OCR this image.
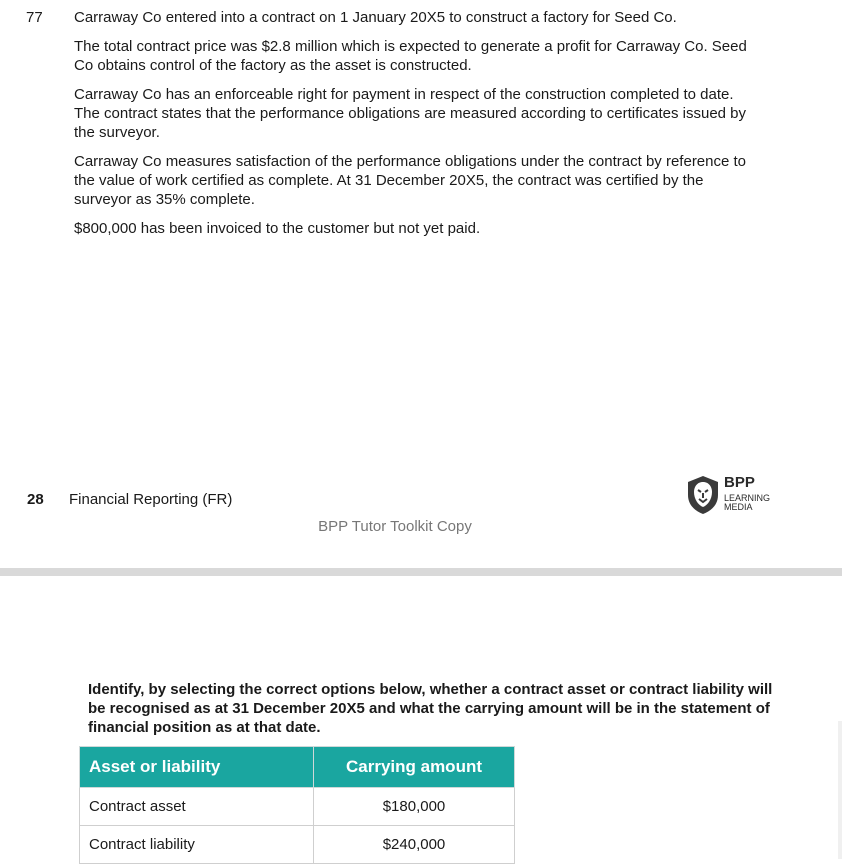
77 Carraway Co entered into a contract on 1 January 20X5 to construct a factory for Seed Co.

The total contract price was $2.8 million which is expected to generate a profit for Carraway Co. Seed Co obtains control of the factory as the asset is constructed.

Carraway Co has an enforceable right for payment in respect of the construction completed to date. The contract states that the performance obligations are measured according to certificates issued by the surveyor.

Carraway Co measures satisfaction of the performance obligations under the contract by reference to the value of work certified as complete. At 31 December 20X5, the contract was certified by the surveyor as 35% complete.

$800,000 has been invoiced to the customer but not yet paid.

28 Financial Reporting (FR)
BPP
LEARNING
MEDIA
BPP Tutor Toolkit Copy
Identify, by selecting the correct options below, whether a contract asset or contract liability will be recognised as at 31 December 20X5 and what the carrying amount will be in the statement of financial position as at that date.
Asset or liability	Carrying amount
Contract asset	$180,000
Contract liability	$240,000
